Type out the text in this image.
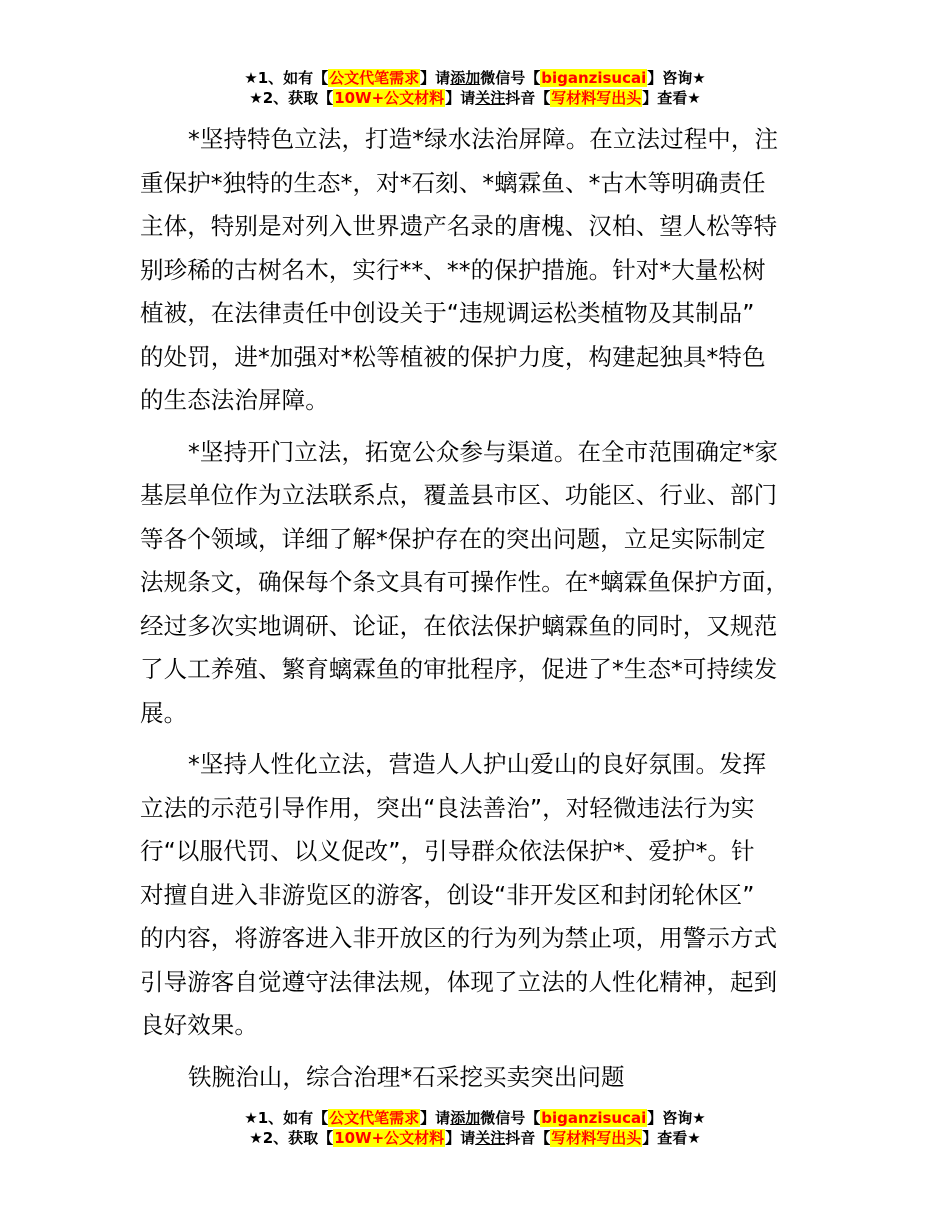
★1、如有【公文代笔需求】请添加微信号【biganzisucai】咨询★
★2、获取【10W+公文材料】请关注抖音【写材料写出头】查看★
*坚持特色立法，打造*绿水法治屏障。在立法过程中，注
重保护*独特的生态*，对*石刻、*螭霖鱼、*古木等明确责任
主体，特别是对列入世界遗产名录的唐槐、汉柏、望人松等特
别珍稀的古树名木，实行**、**的保护措施。针对*大量松树
植被，在法律责任中创设关于“违规调运松类植物及其制品”
的处罚，进*加强对*松等植被的保护力度，构建起独具*特色
的生态法治屏障。
*坚持开门立法，拓宽公众参与渠道。在全市范围确定*家
基层单位作为立法联系点，覆盖县市区、功能区、行业、部门
等各个领域，详细了解*保护存在的突出问题，立足实际制定
法规条文，确保每个条文具有可操作性。在*螭霖鱼保护方面，
经过多次实地调研、论证，在依法保护螭霖鱼的同时，又规范
了人工养殖、繁育螭霖鱼的审批程序，促进了*生态*可持续发
展。
*坚持人性化立法，营造人人护山爱山的良好氛围。发挥
立法的示范引导作用，突出“良法善治”，对轻微违法行为实
行“以服代罚、以义促改”，引导群众依法保护*、爱护*。针
对擅自进入非游览区的游客，创设“非开发区和封闭轮休区”
的内容，将游客进入非开放区的行为列为禁止项，用警示方式
引导游客自觉遵守法律法规，体现了立法的人性化精神，起到
良好效果。
铁腕治山，综合治理*石采挖买卖突出问题
★1、如有【公文代笔需求】请添加微信号【biganzisucai】咨询★
★2、获取【10W+公文材料】请关注抖音【写材料写出头】查看★
